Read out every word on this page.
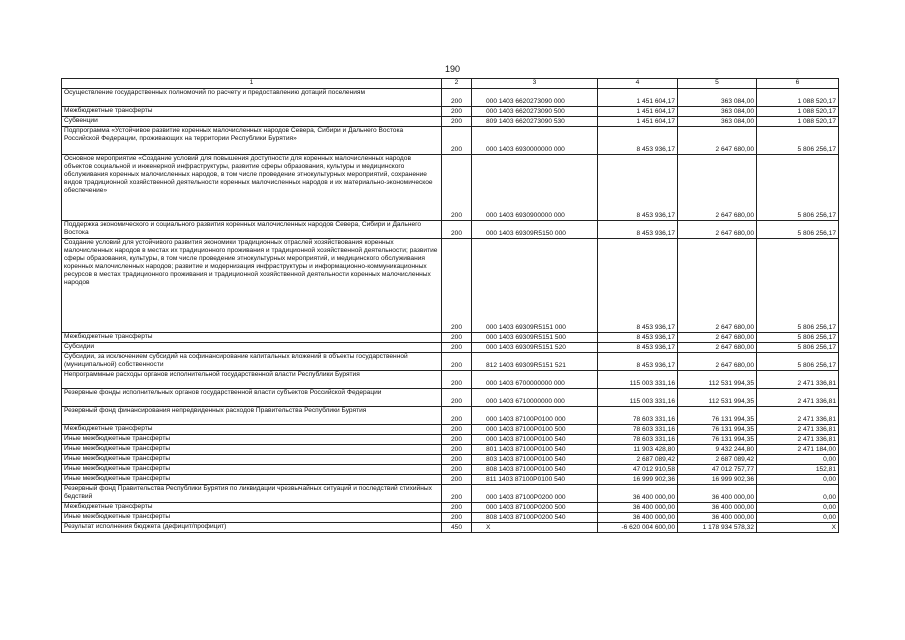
190
1	2	3	4	5	6
Осуществление государственных полномочий по расчету и предоставлению дотаций поселениям	200	000 1403 6620273090 000	1 451 604,17	363 084,00	1 088 520,17
Межбюджетные трансферты	200	000 1403 6620273090 500	1 451 604,17	363 084,00	1 088 520,17
Субвенции	200	809 1403 6620273090 530	1 451 604,17	363 084,00	1 088 520,17
Подпрограмма «Устойчивое развитие коренных малочисленных народов Севера, Сибири и Дальнего Востока Российской Федерации, проживающих на территории Республики Бурятия»	200	000 1403 6930000000 000	8 453 936,17	2 647 680,00	5 806 256,17
Основное мероприятие «Создание условий для повышения доступности для коренных малочисленных народов объектов социальной и инженерной инфраструктуры, развитие сферы образования, культуры и медицинского обслуживания коренных малочисленных народов, в том числе проведение этнокультурных мероприятий, сохранение видов традиционной хозяйственной деятельности коренных малочисленных народов и их материально-экономическое обеспечение»	200	000 1403 6930900000 000	8 453 936,17	2 647 680,00	5 806 256,17
Поддержка экономического и социального развития коренных малочисленных народов Севера, Сибири и Дальнего Востока	200	000 1403 69309R5150 000	8 453 936,17	2 647 680,00	5 806 256,17
Создание условий для устойчивого развития экономики традиционных отраслей хозяйствования коренных малочисленных народов в местах их традиционного проживания и традиционной хозяйственной деятельности; развитие сферы образования, культуры, в том числе проведение этнокультурных мероприятий, и медицинского обслуживания коренных малочисленных народов; развитие и модернизация инфраструктуры и информационно-коммуникационных ресурсов в местах традиционного проживания и традиционной хозяйственной деятельности коренных малочисленных народов	200	000 1403 69309R5151 000	8 453 936,17	2 647 680,00	5 806 256,17
Межбюджетные трансферты	200	000 1403 69309R5151 500	8 453 936,17	2 647 680,00	5 806 256,17
Субсидии	200	000 1403 69309R5151 520	8 453 936,17	2 647 680,00	5 806 256,17
Субсидии, за исключением субсидий на софинансирование капитальных вложений в объекты государственной (муниципальной) собственности	200	812 1403 69309R5151 521	8 453 936,17	2 647 680,00	5 806 256,17
Непрограммные расходы органов исполнительной государственной власти Республики Бурятия	200	000 1403 6700000000 000	115 003 331,16	112 531 994,35	2 471 336,81
Резервные фонды исполнительных органов государственной власти субъектов Российской Федерации	200	000 1403 6710000000 000	115 003 331,16	112 531 994,35	2 471 336,81
Резервный фонд финансирования непредвиденных расходов Правительства Республики Бурятия	200	000 1403 87100P0100 000	78 603 331,16	76 131 994,35	2 471 336,81
Межбюджетные трансферты	200	000 1403 87100P0100 500	78 603 331,16	76 131 994,35	2 471 336,81
Иные межбюджетные трансферты	200	000 1403 87100P0100 540	78 603 331,16	76 131 994,35	2 471 336,81
Иные межбюджетные трансферты	200	801 1403 87100P0100 540	11 903 428,80	9 432 244,80	2 471 184,00
Иные межбюджетные трансферты	200	803 1403 87100P0100 540	2 687 089,42	2 687 089,42	0,00
Иные межбюджетные трансферты	200	808 1403 87100P0100 540	47 012 910,58	47 012 757,77	152,81
Иные межбюджетные трансферты	200	811 1403 87100P0100 540	16 999 902,36	16 999 902,36	0,00
Резервный фонд Правительства Республики Бурятия по ликвидации чрезвычайных ситуаций и последствий стихийных бедствий	200	000 1403 87100P0200 000	36 400 000,00	36 400 000,00	0,00
Межбюджетные трансферты	200	000 1403 87100P0200 500	36 400 000,00	36 400 000,00	0,00
Иные межбюджетные трансферты	200	808 1403 87100P0200 540	36 400 000,00	36 400 000,00	0,00
Результат исполнения бюджета (дефицит/профицит)	450	X	-6 620 004 600,00	1 178 934 578,32	X
